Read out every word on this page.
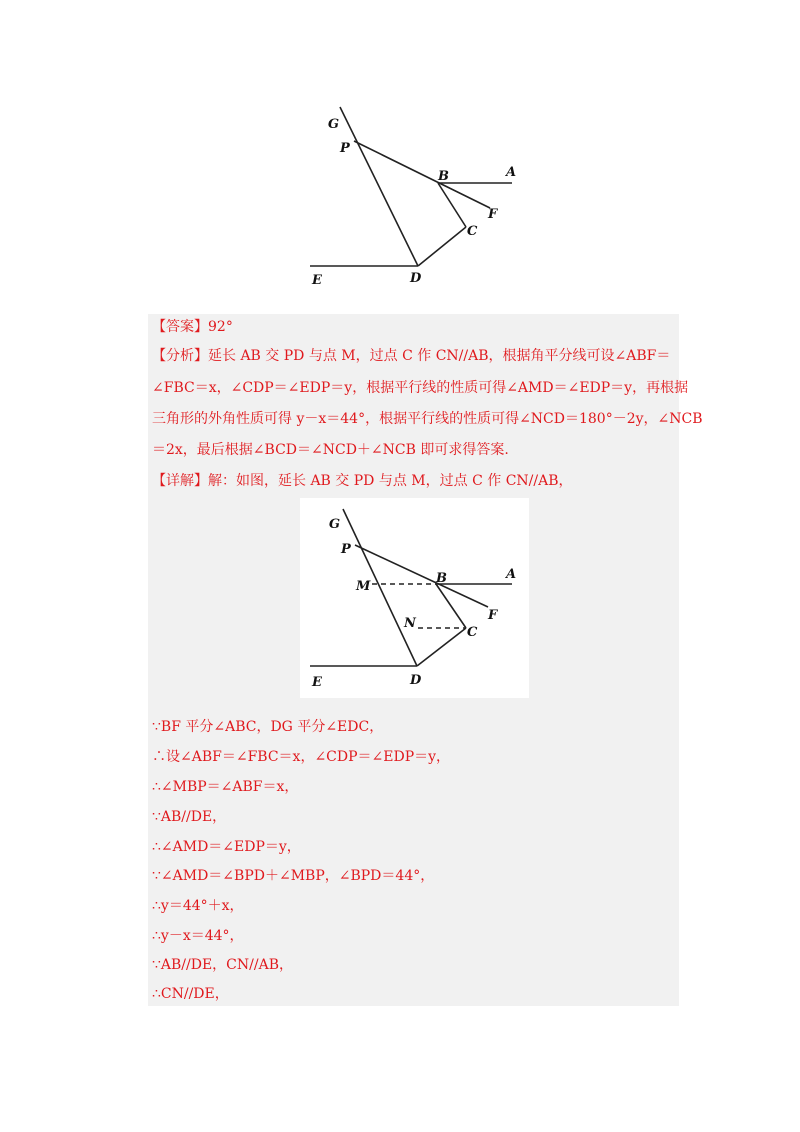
G
P
B	A
F
C
E	D

【答案】92°

【分析】延长 AB 交 PD 与点 M，过点 C 作 CN//AB，根据角平分线可设∠ABF＝

∠FBC＝x，∠CDP＝∠EDP＝y，根据平行线的性质可得∠AMD＝∠EDP＝y，再根据

三角形的外角性质可得 y－x＝44°，根据平行线的性质可得∠NCD＝180°－2y，∠NCB

＝2x，最后根据∠BCD＝∠NCD＋∠NCB 即可求得答案.

【详解】解：如图，延长 AB 交 PD 与点 M，过点 C 作 CN//AB，

G
P
M
B	A
F
N
C
E	D

∵BF 平分∠ABC，DG 平分∠EDC，

∴设∠ABF＝∠FBC＝x，∠CDP＝∠EDP＝y，

∴∠MBP＝∠ABF＝x，

∵AB//DE，

∴∠AMD＝∠EDP＝y，

∵∠AMD＝∠BPD＋∠MBP，∠BPD＝44°，

∴y＝44°＋x，

∴y－x＝44°，

∵AB//DE，CN//AB，

∴CN//DE，
